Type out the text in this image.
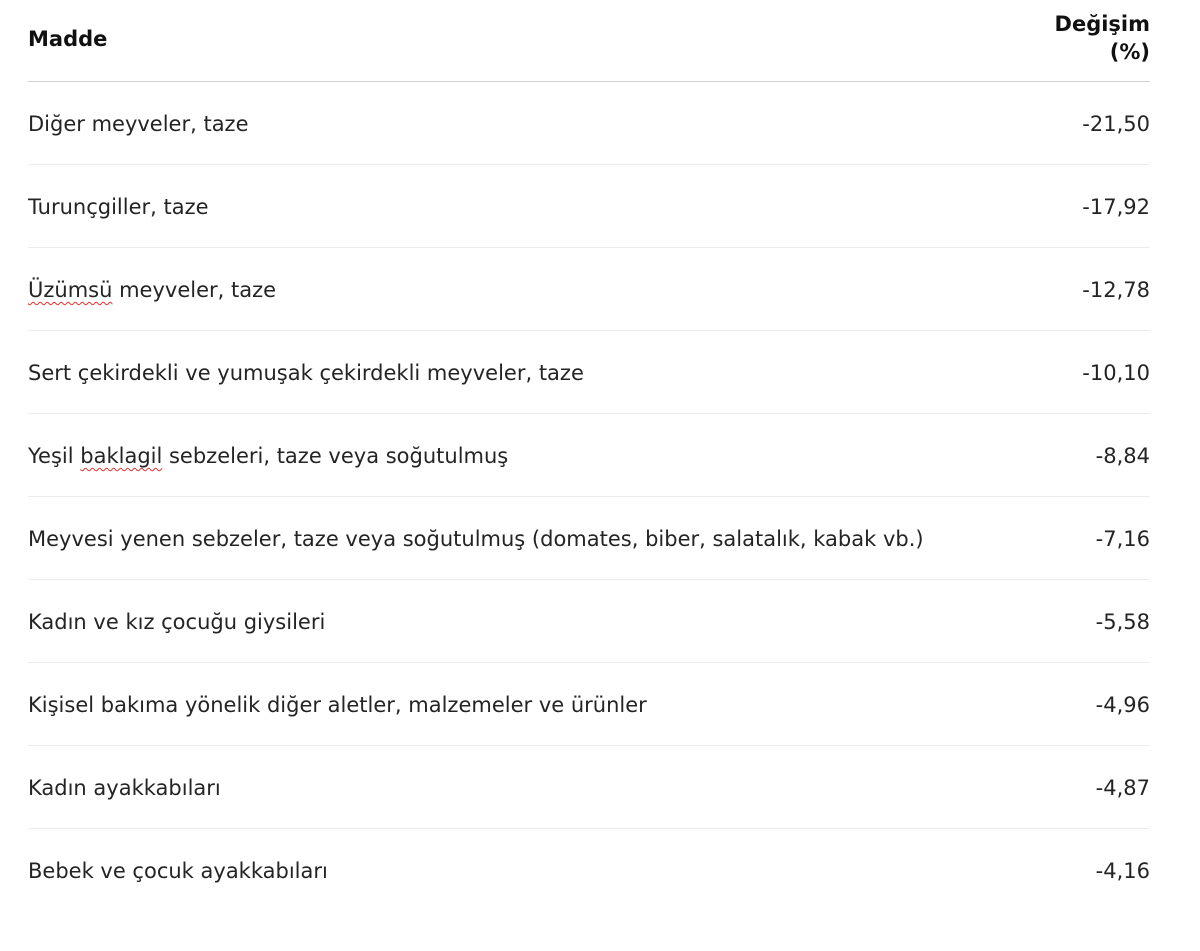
Madde	Değişim
(%)
Diğer meyveler, taze	-21,50
Turunçgiller, taze	-17,92
Üzümsü meyveler, taze	-12,78
Sert çekirdekli ve yumuşak çekirdekli meyveler, taze	-10,10
Yeşil baklagil sebzeleri, taze veya soğutulmuş	-8,84
Meyvesi yenen sebzeler, taze veya soğutulmuş (domates, biber, salatalık, kabak vb.)	-7,16
Kadın ve kız çocuğu giysileri	-5,58
Kişisel bakıma yönelik diğer aletler, malzemeler ve ürünler	-4,96
Kadın ayakkabıları	-4,87
Bebek ve çocuk ayakkabıları	-4,16
